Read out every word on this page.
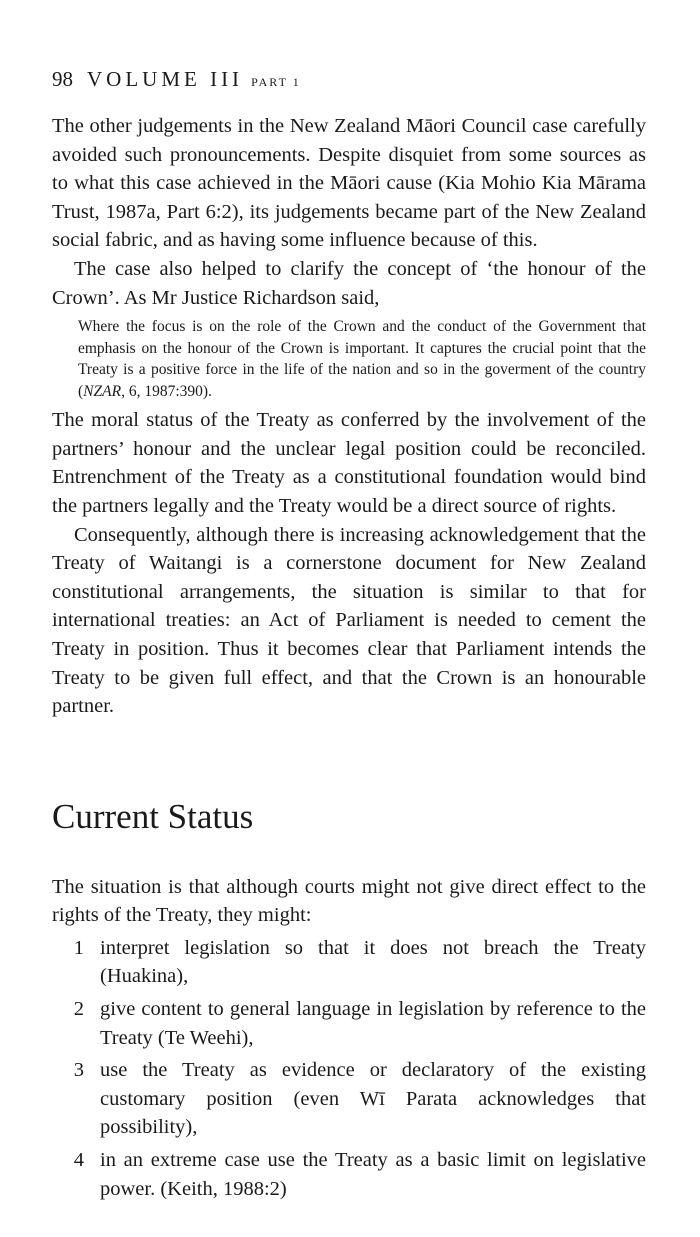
98 VOLUME III PART 1

The other judgements in the New Zealand Māori Council case carefully avoided such pronouncements. Despite disquiet from some sources as to what this case achieved in the Māori cause (Kia Mohio Kia Mārama Trust, 1987a, Part 6:2), its judgements became part of the New Zealand social fabric, and as having some influence because of this.

The case also helped to clarify the concept of ‘the honour of the Crown’. As Mr Justice Richardson said,

Where the focus is on the role of the Crown and the conduct of the Government that emphasis on the honour of the Crown is important. It captures the crucial point that the Treaty is a positive force in the life of the nation and so in the goverment of the country (NZAR, 6, 1987:390).

The moral status of the Treaty as conferred by the involvement of the partners’ honour and the unclear legal position could be reconciled. Entrenchment of the Treaty as a constitutional foundation would bind the partners legally and the Treaty would be a direct source of rights.

Consequently, although there is increasing acknowledgement that the Treaty of Waitangi is a cornerstone document for New Zealand constitutional arrangements, the situation is similar to that for international treaties: an Act of Parliament is needed to cement the Treaty in position. Thus it becomes clear that Parliament intends the Treaty to be given full effect, and that the Crown is an honourable partner.

Current Status

The situation is that although courts might not give direct effect to the rights of the Treaty, they might:

1 interpret legislation so that it does not breach the Treaty (Huakina),
2 give content to general language in legislation by reference to the Treaty (Te Weehi),
3 use the Treaty as evidence or declaratory of the existing customary position (even Wī Parata acknowledges that possibility),
4 in an extreme case use the Treaty as a basic limit on legislative power. (Keith, 1988:2)
